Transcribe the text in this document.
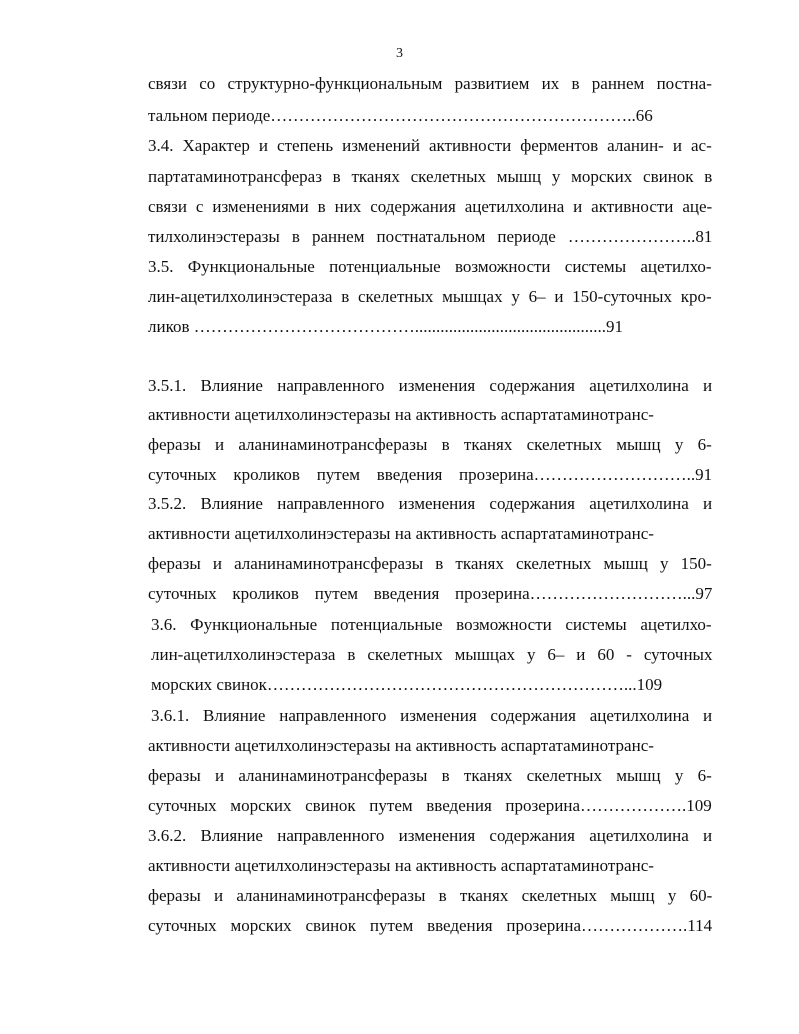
3
связи со структурно-функциональным развитием их в раннем постна-
тальном периоде………………………………………………………..66
3.4. Характер и степень изменений активности ферментов аланин- и ас-
партатаминотрансфераз в тканях скелетных мышц у морских свинок в
связи с изменениями в них содержания ацетилхолина и активности аце-
тилхолинэстеразы в раннем постнатальном периоде …………………..81
3.5. Функциональные потенциальные возможности системы ацетилхо-
лин-ацетилхолинэстераза в скелетных мышцах у 6– и 150-суточных кро-
ликов ………………………………….............................................91
3.5.1. Влияние направленного изменения содержания ацетилхолина и
активности ацетилхолинэстеразы на активность аспартатаминотранс-
феразы и аланинаминотрансферазы в тканях скелетных мышц у 6-
суточных кроликов путем введения прозерина………………………..91
3.5.2. Влияние направленного изменения содержания ацетилхолина и
активности ацетилхолинэстеразы на активность аспартатаминотранс-
феразы и аланинаминотрансферазы в тканях скелетных мышц у 150-
суточных кроликов путем введения прозерина………………………...97
3.6. Функциональные потенциальные возможности системы ацетилхо-
лин-ацетилхолинэстераза в скелетных мышцах у 6– и 60 - суточных
морских свинок………………………………………………………...109
3.6.1. Влияние направленного изменения содержания ацетилхолина и
активности ацетилхолинэстеразы на активность аспартатаминотранс-
феразы и аланинаминотрансферазы в тканях скелетных мышц у 6-
суточных морских свинок путем введения прозерина……………….109
3.6.2. Влияние направленного изменения содержания ацетилхолина и
активности ацетилхолинэстеразы на активность аспартатаминотранс-
феразы и аланинаминотрансферазы в тканях скелетных мышц у 60-
суточных морских свинок путем введения прозерина……………….114
